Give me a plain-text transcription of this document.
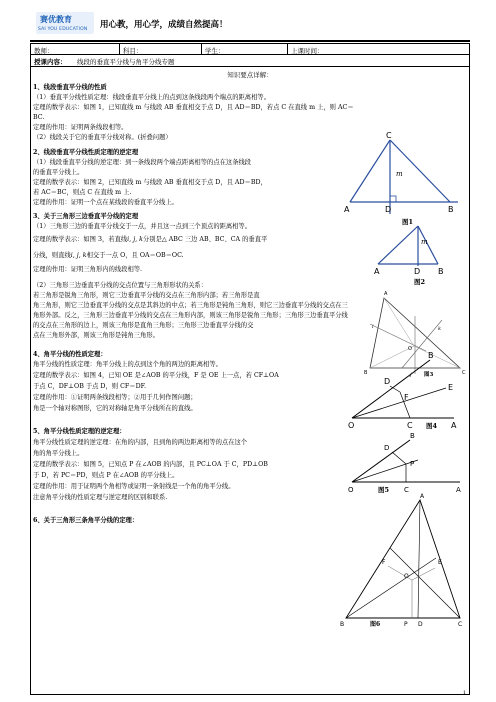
赛优教育
SAI YOU EDUCATION 用心教，用心学，成绩自然提高！
教师：	科目：	学生：	上课时间：
授课内容： 线段的垂直平分线与角平分线专题
知识要点详解：
1、线段垂直平分线的性质
（1）垂直平分线性质定理：线段垂直平分线上的点到这条线段两个端点的距离相等。
定理的数学表示：如图 1，已知直线 m 与线段 AB 垂直相交于点 D，且 AD＝BD，若点 C 在直线 m 上，则 AC＝
BC.
定理的作用：证明两条线段相等。
（2）线段关于它的垂直平分线对称。(折叠问题）
2、线段垂直平分线性质定理的逆定理
（1）线段垂直平分线的逆定理：到一条线段两个端点距离相等的点在这条线段
的垂直平分线上。
定理的数学表示：如图 2，已知直线 m 与线段 AB 垂直相交于点 D，且 AD＝BD，
若 AC＝BC，则点 C 在直线 m 上.
定理的作用：证明一个点在某线段的垂直平分线上。
3、关于三角形三边垂直平分线的定理
（1）三角形三边的垂直平分线交于一点，并且这一点到三个顶点的距离相等。
定理的数学表示：如图 3，若直线i, j, k分别是△ ABC 三边 AB、BC、CA 的垂直平
分线，则直线i, j, k相交于一点 O，且 OA＝OB＝OC.
定理的作用：证明三角形内的线段相等.
（2）三角形三边垂直平分线的交点位置与三角形形状的关系：
若三角形是锐角三角形，则它三边垂直平分线的交点在三角形内部；若三角形是直
角三角形，则它三边垂直平分线的交点是其斜边的中点；若三角形是钝角三角形，则它三边垂直平分线的交点在三
角形外部。反之，三角形三边垂直平分线的交点在三角形内部，则该三角形是锐角三角形；三角形三边垂直平分线
的交点在三角形的边上，则该三角形是直角三角形；三角形三边垂直平分线的交
点在三角形外部，则该三角形是钝角三角形。
4、角平分线的性质定理：
角平分线的性质定理：角平分线上的点到这个角的两边的距离相等。
定理的数学表示：如图 4，已知 OE 是∠AOB 的平分线，F 是 OE 上一点，若 CF⊥OA
于点 C，DF⊥OB 于点 D，则 CF＝DF.
定理的作用：①证明两条线段相等；②用于几何作图问题；
角是一个轴对称图形，它的对称轴是角平分线所在的直线。
5、角平分线性质定理的逆定理：
角平分线性质定理的逆定理：在角的内部，且到角的两边距离相等的点在这个
角的角平分线上。
定理的数学表示：如图 5，已知点 P 在∠AOB 的内部，且 PC⊥OA 于 C，PD⊥OB
于 D，若 PC＝PD，则点 P 在∠AOB 的平分线上。
定理的作用：用于证明两个角相等或证明一条射线是一个角的角平分线。
注意角平分线的性质定理与逆定理的区别和联系.
6、关于三角形三条角平分线的定理：
C
m
A	D	B
图1
m
A	D B
图2
A
B	C
O
i
j
k
图3
B
D
E
F
O	C	A
图4
B
D
P
O	C	A
图5
A
B	C
F	E
O
P D
图6
1
